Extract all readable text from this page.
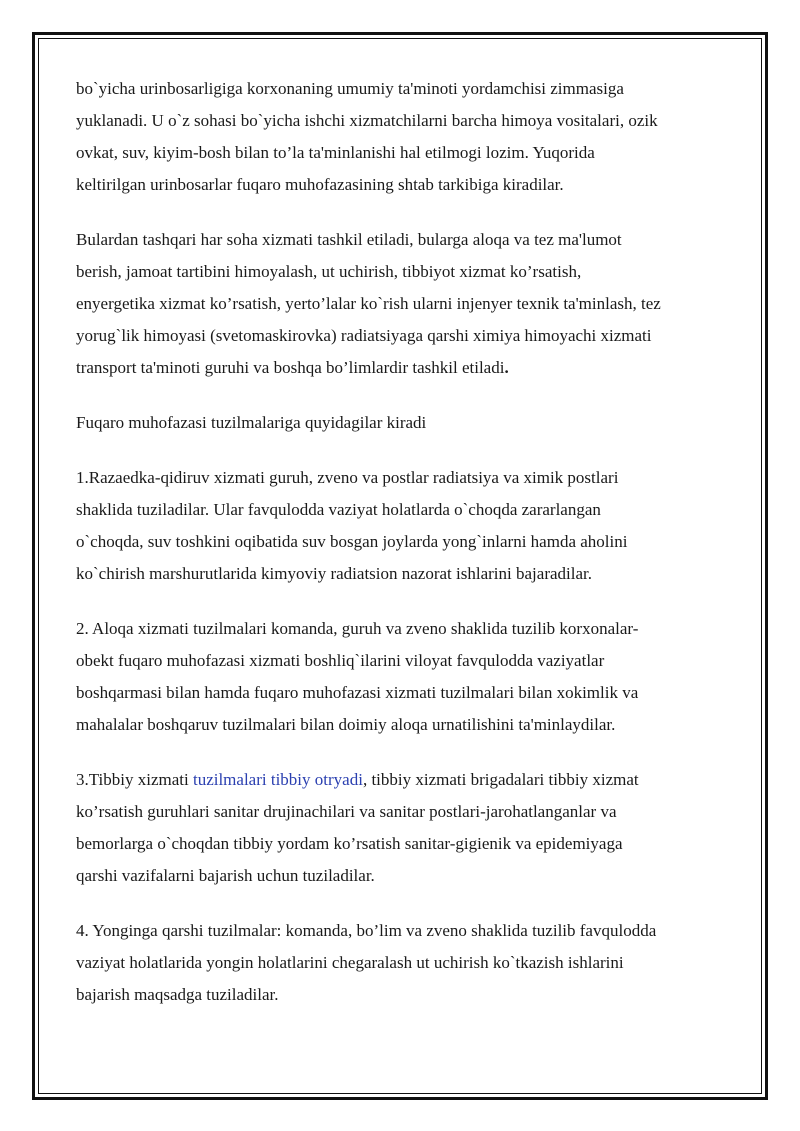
bo`yicha urinbosarligiga korxonaning umumiy ta'minoti yordamchisi zimmasiga
yuklanadi. U o`z sohasi bo`yicha ishchi xizmatchilarni barcha himoya vositalari, ozik
ovkat, suv, kiyim-bosh bilan to’la ta'minlanishi hal etilmogi lozim. Yuqorida
keltirilgan urinbosarlar fuqaro muhofazasining shtab tarkibiga kiradilar.

Bulardan tashqari har soha xizmati tashkil etiladi, bularga aloqa va tez ma'lumot
berish, jamoat tartibini himoyalash, ut uchirish, tibbiyot xizmat ko’rsatish,
enyergetika xizmat ko’rsatish, yerto’lalar ko`rish ularni injenyer texnik ta'minlash, tez
yorug`lik himoyasi (svetomaskirovka) radiatsiyaga qarshi ximiya himoyachi xizmati
transport ta'minoti guruhi va boshqa bo’limlardir tashkil etiladi.

Fuqaro muhofazasi tuzilmalariga quyidagilar kiradi

1.Razaedka-qidiruv xizmati guruh, zveno va postlar radiatsiya va ximik postlari
shaklida tuziladilar. Ular favqulodda vaziyat holatlarda o`choqda zararlangan
o`choqda, suv toshkini oqibatida suv bosgan joylarda yong`inlarni hamda aholini
ko`chirish marshurutlarida kimyoviy radiatsion nazorat ishlarini bajaradilar.

2. Aloqa xizmati tuzilmalari komanda, guruh va zveno shaklida tuzilib korxonalar-
obekt fuqaro muhofazasi xizmati boshliq`ilarini viloyat favqulodda vaziyatlar
boshqarmasi bilan hamda fuqaro muhofazasi xizmati tuzilmalari bilan xokimlik va
mahalalar boshqaruv tuzilmalari bilan doimiy aloqa urnatilishini ta'minlaydilar.

3.Tibbiy xizmati tuzilmalari tibbiy otryadi, tibbiy xizmati brigadalari tibbiy xizmat
ko’rsatish guruhlari sanitar drujinachilari va sanitar postlari-jarohatlanganlar va
bemorlarga o`choqdan tibbiy yordam ko’rsatish sanitar-gigienik va epidemiyaga
qarshi vazifalarni bajarish uchun tuziladilar.

4. Yonginga qarshi tuzilmalar: komanda, bo’lim va zveno shaklida tuzilib favqulodda
vaziyat holatlarida yongin holatlarini chegaralash ut uchirish ko`tkazish ishlarini
bajarish maqsadga tuziladilar.
